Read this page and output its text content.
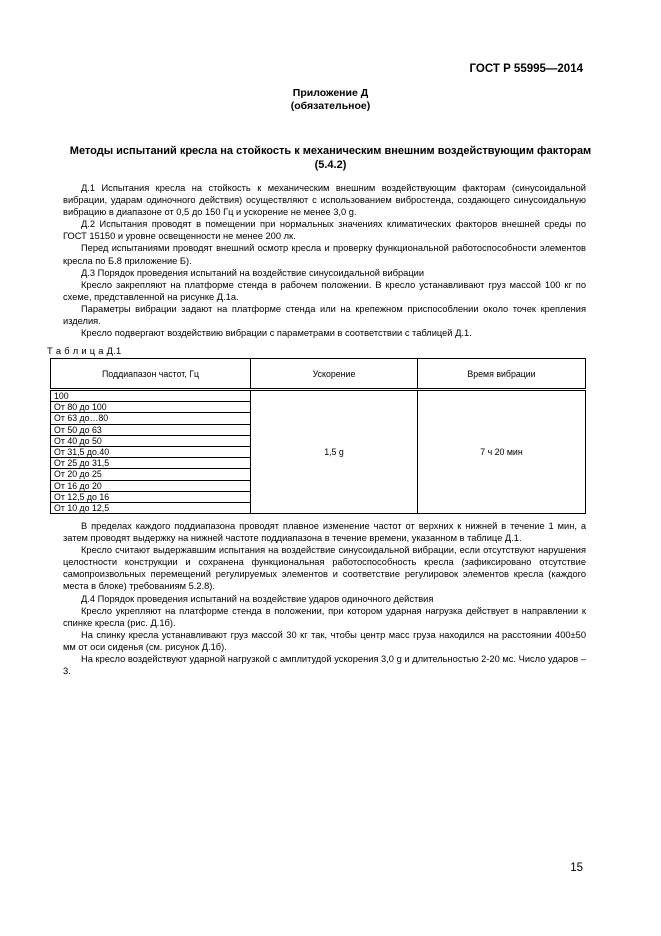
ГОСТ Р 55995—2014
Приложение Д
(обязательное)
Методы испытаний кресла на стойкость к механическим внешним воздействующим факторам
(5.4.2)

Д.1 Испытания кресла на стойкость к механическим внешним воздействующим факторам (синусоидальной вибрации, ударам одиночного действия) осуществляют с использованием вибростенда, создающего синусоидальную вибрацию в диапазоне от 0,5 до 150 Гц и ускорение не менее 3,0 g.

Д.2 Испытания проводят в помещении при нормальных значениях климатических факторов внешней среды по ГОСТ 15150 и уровне освещенности не менее 200 лк.

Перед испытаниями проводят внешний осмотр кресла и проверку функциональной работоспособности элементов кресла по Б.8 приложение Б).

Д.3 Порядок проведения испытаний на воздействие синусоидальной вибрации

Кресло закрепляют на платформе стенда в рабочем положении. В кресло устанавливают груз массой 100 кг по схеме, представленной на рисунке Д.1а.

Параметры вибрации задают на платформе стенда или на крепежном приспособлении около точек крепления изделия.

Кресло подвергают воздействию вибрации с параметрами в соответствии с таблицей Д.1.

Т а б л и ц а Д.1
Поддиапазон частот, Гц	Ускорение	Время вибрации
100	1,5 g	7 ч 20 мин
От 80 до 100		
От 63 до…80		
От 50 до 63		
От 40 до 50		
От 31,5 до.40		
От 25 до 31,5		
От 20 до 25		
От 16 до 20		
От 12,5 до 16		
От 10 до 12,5		

В пределах каждого поддиапазона проводят плавное изменение частот от верхних к нижней в течение 1 мин, а затем проводят выдержку на нижней частоте поддиапазона в течение времени, указанном в таблице Д.1.

Кресло считают выдержавшим испытания на воздействие синусоидальной вибрации, если отсутствуют нарушения целостности конструкции и сохранена функциональная работоспособность кресла (зафиксировано отсутствие самопроизвольных перемещений регулируемых элементов и соответствие регулировок элементов кресла (каждого места в блоке) требованиям 5.2.8).

Д.4 Порядок проведения испытаний на воздействие ударов одиночного действия

Кресло укрепляют на платформе стенда в положении, при котором ударная нагрузка действует в направлении к спинке кресла (рис. Д.1б).

На спинку кресла устанавливают груз массой 30 кг так, чтобы центр масс груза находился на расстоянии 400±50 мм от оси сиденья (см. рисунок Д.1б).

На кресло воздействуют ударной нагрузкой с амплитудой ускорения 3,0 g и длительностью 2-20 мс. Число ударов – 3.

15
